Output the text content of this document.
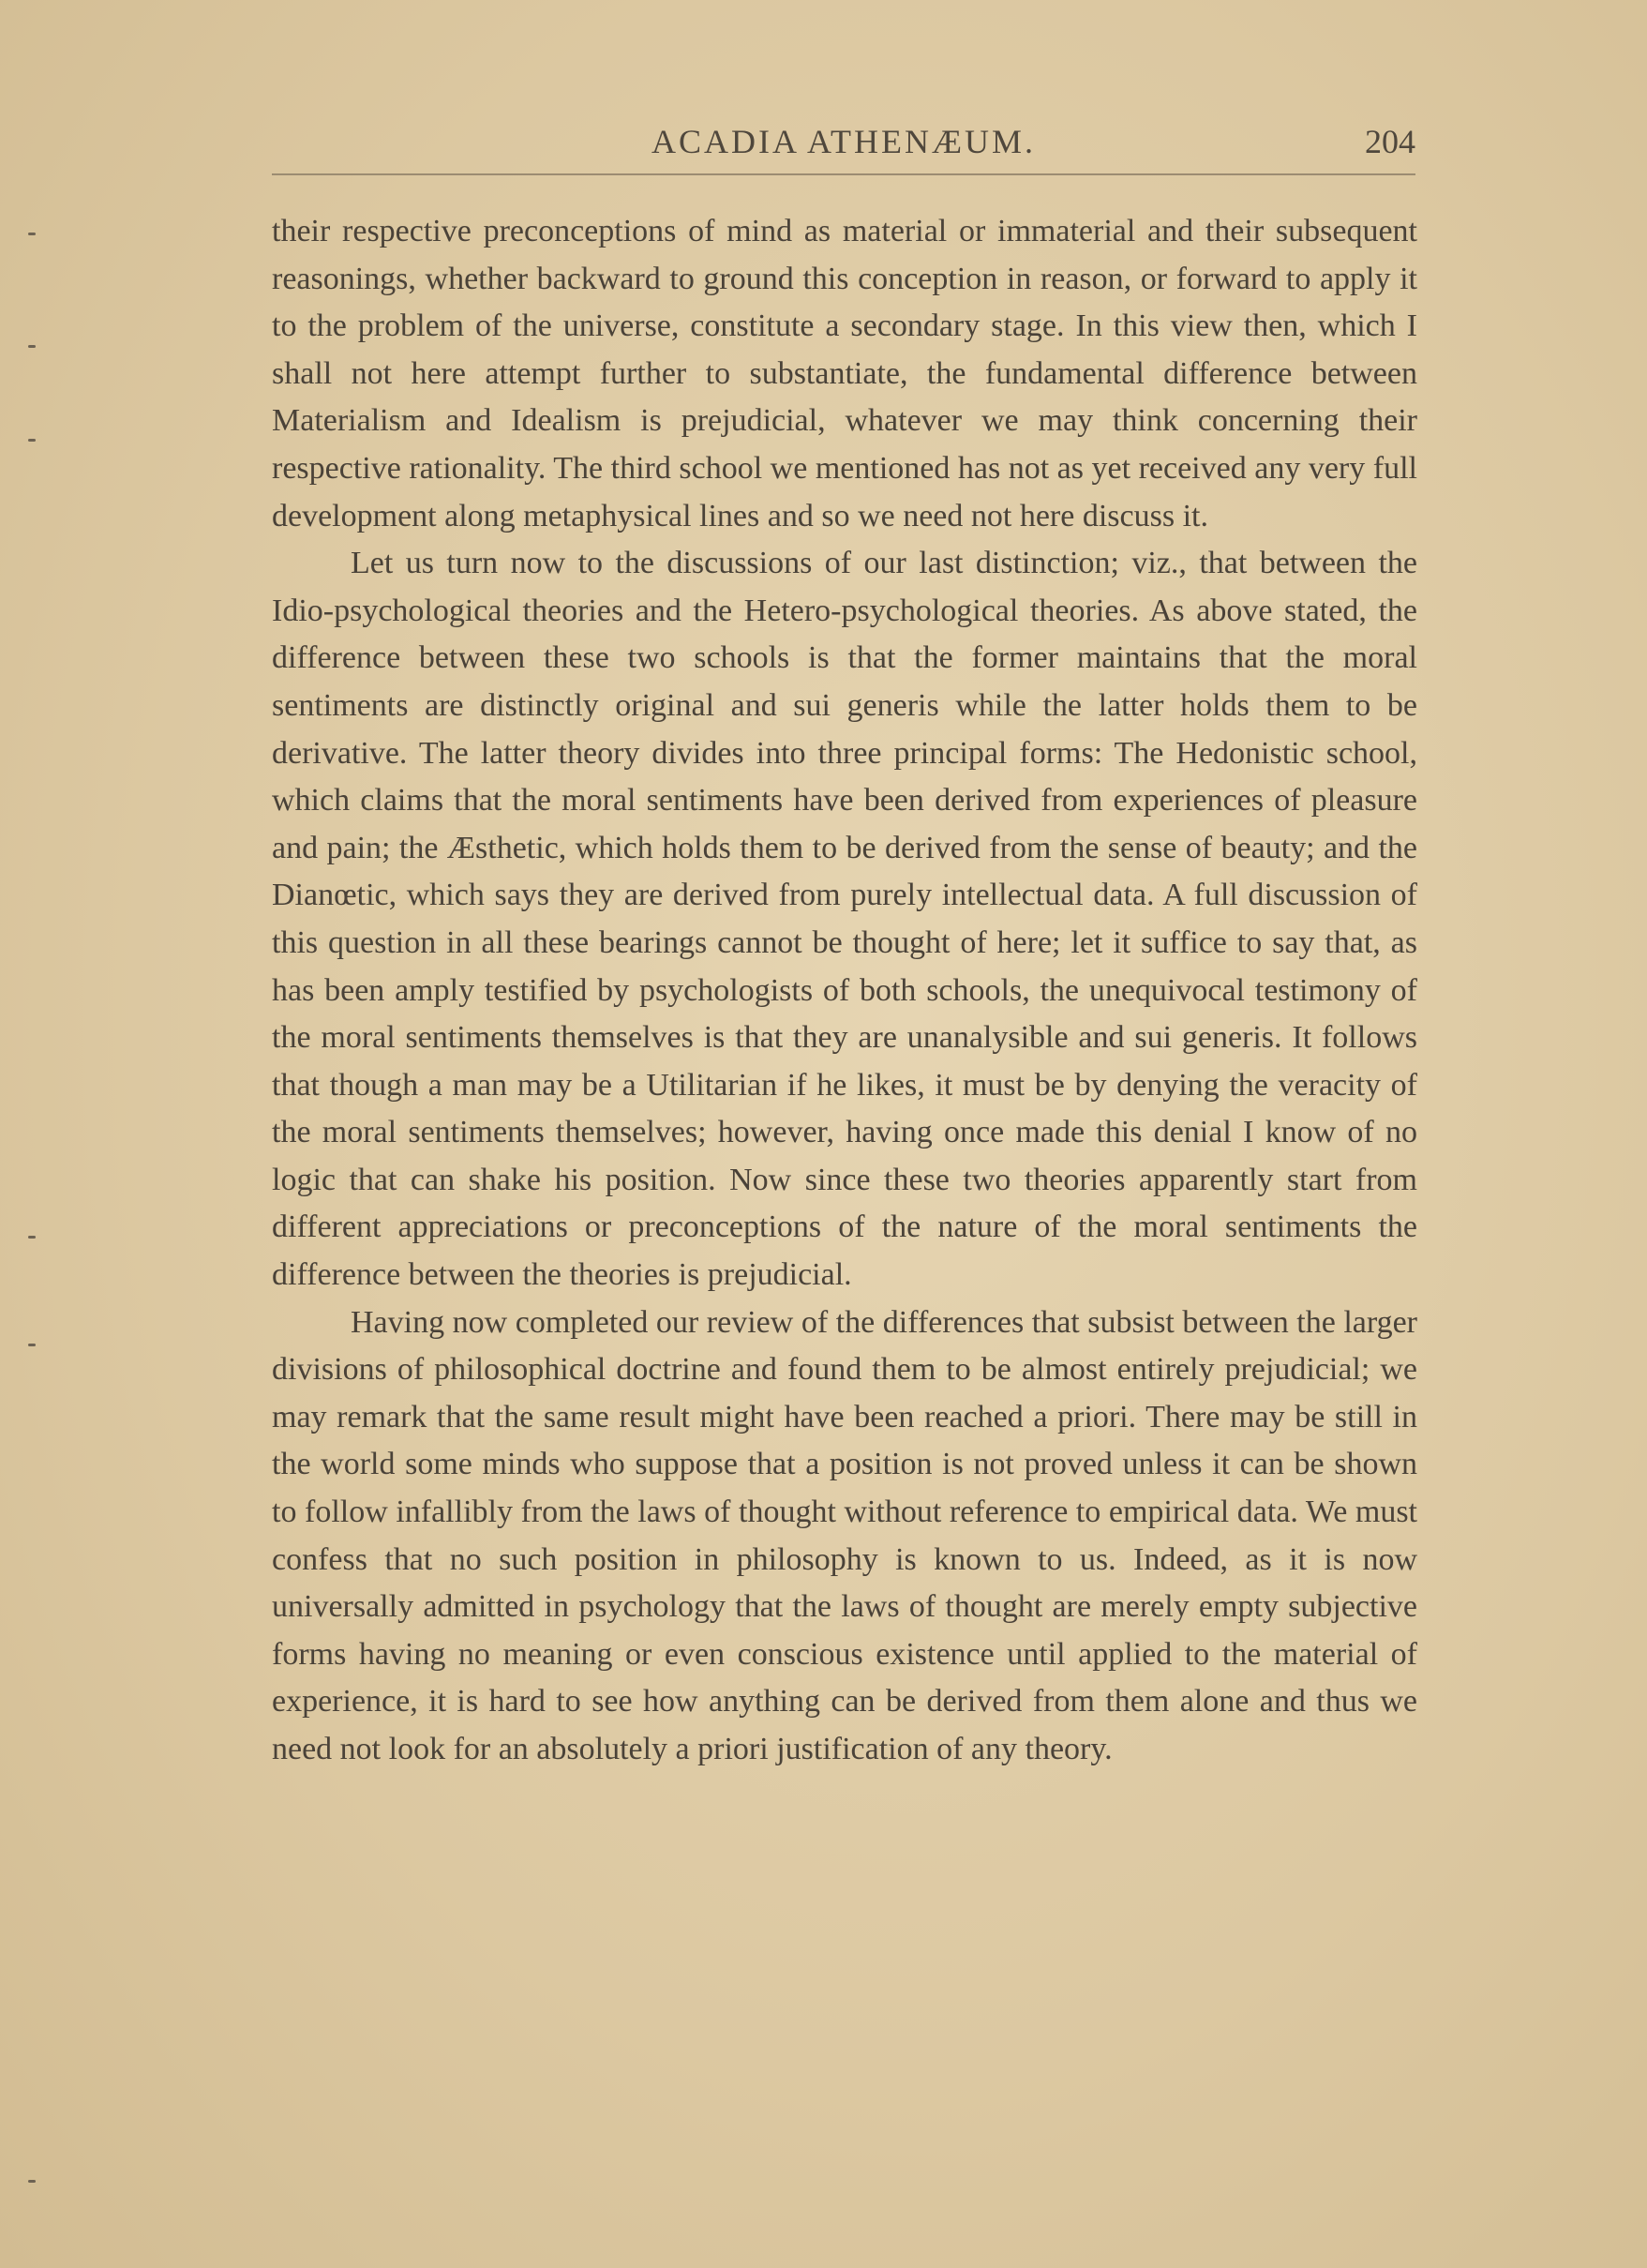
ACADIA ATHENÆUM.	204

their respective preconceptions of mind as material or immaterial and their subsequent reasonings, whether backward to ground this conception in reason, or forward to apply it to the problem of the universe, constitute a secondary stage. In this view then, which I shall not here attempt further to substantiate, the fundamental difference between Materialism and Idealism is prejudicial, whatever we may think concerning their respective rationality. The third school we mentioned has not as yet received any very full development along metaphysical lines and so we need not here discuss it.

Let us turn now to the discussions of our last distinction; viz., that between the Idio-psychological theories and the Hetero-psychological theories. As above stated, the difference between these two schools is that the former maintains that the moral sentiments are distinctly original and sui generis while the latter holds them to be derivative. The latter theory divides into three principal forms: The Hedonistic school, which claims that the moral sentiments have been derived from experiences of pleasure and pain; the Æsthetic, which holds them to be derived from the sense of beauty; and the Dianœtic, which says they are derived from purely intellectual data. A full discussion of this question in all these bearings cannot be thought of here; let it suffice to say that, as has been amply testified by psychologists of both schools, the unequivocal testimony of the moral sentiments themselves is that they are unanalysible and sui generis. It follows that though a man may be a Utilitarian if he likes, it must be by denying the veracity of the moral sentiments themselves; however, having once made this denial I know of no logic that can shake his position. Now since these two theories apparently start from different appreciations or preconceptions of the nature of the moral sentiments the difference between the theories is prejudicial.

Having now completed our review of the differences that subsist between the larger divisions of philosophical doctrine and found them to be almost entirely prejudicial; we may remark that the same result might have been reached a priori. There may be still in the world some minds who suppose that a position is not proved unless it can be shown to follow infallibly from the laws of thought without reference to empirical data. We must confess that no such position in philosophy is known to us. Indeed, as it is now universally admitted in psychology that the laws of thought are merely empty subjective forms having no meaning or even conscious existence until applied to the material of experience, it is hard to see how anything can be derived from them alone and thus we need not look for an absolutely a priori justification of any theory.
